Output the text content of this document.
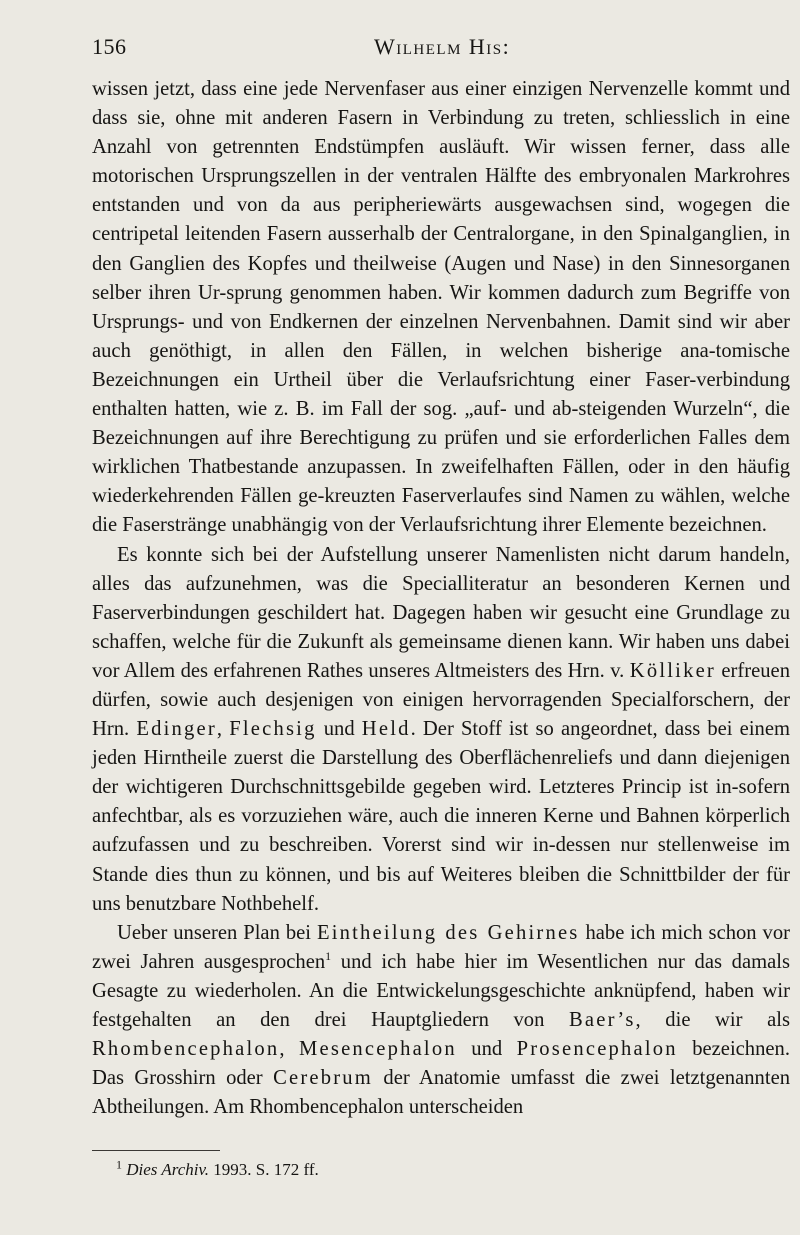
156	Wilhelm His:

wissen jetzt, dass eine jede Nervenfaser aus einer einzigen Nervenzelle kommt und dass sie, ohne mit anderen Fasern in Verbindung zu treten, schliesslich in eine Anzahl von getrennten Endstümpfen ausläuft. Wir wissen ferner, dass alle motorischen Ursprungszellen in der ventralen Hälfte des embryonalen Markrohres entstanden und von da aus peripheriewärts ausgewachsen sind, wogegen die centripetal leitenden Fasern ausserhalb der Centralorgane, in den Spinalganglien, in den Ganglien des Kopfes und theilweise (Augen und Nase) in den Sinnesorganen selber ihren Ur-sprung genommen haben. Wir kommen dadurch zum Begriffe von Ursprungs- und von Endkernen der einzelnen Nervenbahnen. Damit sind wir aber auch genöthigt, in allen den Fällen, in welchen bisherige ana-tomische Bezeichnungen ein Urtheil über die Verlaufsrichtung einer Faser-verbindung enthalten hatten, wie z. B. im Fall der sog. „auf- und ab-steigenden Wurzeln“, die Bezeichnungen auf ihre Berechtigung zu prüfen und sie erforderlichen Falles dem wirklichen Thatbestande anzupassen. In zweifelhaften Fällen, oder in den häufig wiederkehrenden Fällen ge-kreuzten Faserverlaufes sind Namen zu wählen, welche die Faserstränge unabhängig von der Verlaufsrichtung ihrer Elemente bezeichnen.

Es konnte sich bei der Aufstellung unserer Namenlisten nicht darum handeln, alles das aufzunehmen, was die Specialliteratur an besonderen Kernen und Faserverbindungen geschildert hat. Dagegen haben wir gesucht eine Grundlage zu schaffen, welche für die Zukunft als gemeinsame dienen kann. Wir haben uns dabei vor Allem des erfahrenen Rathes unseres Altmeisters des Hrn. v. Kölliker erfreuen dürfen, sowie auch desjenigen von einigen hervorragenden Specialforschern, der Hrn. Edinger, Flechsig und Held. Der Stoff ist so angeordnet, dass bei einem jeden Hirntheile zuerst die Darstellung des Oberflächenreliefs und dann diejenigen der wichtigeren Durchschnittsgebilde gegeben wird. Letzteres Princip ist in-sofern anfechtbar, als es vorzuziehen wäre, auch die inneren Kerne und Bahnen körperlich aufzufassen und zu beschreiben. Vorerst sind wir in-dessen nur stellenweise im Stande dies thun zu können, und bis auf Weiteres bleiben die Schnittbilder der für uns benutzbare Nothbehelf.

Ueber unseren Plan bei Eintheilung des Gehirnes habe ich mich schon vor zwei Jahren ausgesprochen$^1$ und ich habe hier im Wesentlichen nur das damals Gesagte zu wiederholen. An die Entwickelungsgeschichte anknüpfend, haben wir festgehalten an den drei Hauptgliedern von Baer’s, die wir als Rhombencephalon, Mesencephalon und Prosencephalon bezeichnen. Das Grosshirn oder Cerebrum der Anatomie umfasst die zwei letztgenannten Abtheilungen. Am Rhombencephalon unterscheiden

$^1$ Dies Archiv. 1993. S. 172 ff.
